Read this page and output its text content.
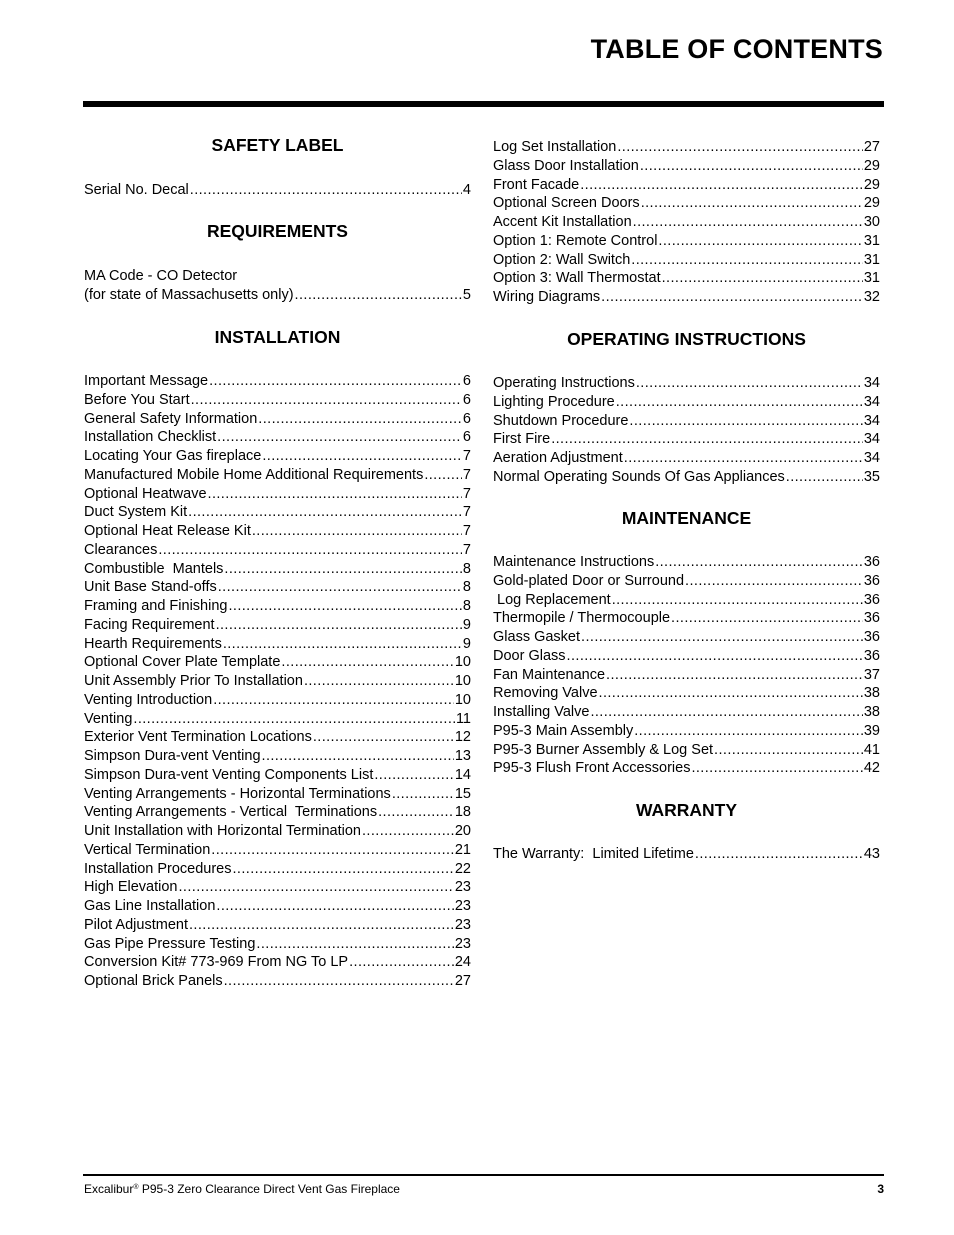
TABLE OF CONTENTS
SAFETY LABEL
Serial No. Decal .....	4
REQUIREMENTS
MA Code - CO Detector
(for state of Massachusetts only) .....	5
INSTALLATION
Important Message .....	6
Before You Start .....	6
General Safety Information .....	6
Installation Checklist .....	6
Locating Your Gas fireplace .....	7
Manufactured Mobile Home Additional Requirements .....	7
Optional Heatwave .....	7
Duct System Kit .....	7
Optional Heat Release Kit .....	7
Clearances .....	7
Combustible  Mantels .....	8
Unit Base Stand-offs .....	8
Framing and Finishing .....	8
Facing Requirement .....	9
Hearth Requirements .....	9
Optional Cover Plate Template .....	10
Unit Assembly Prior To Installation .....	10
Venting Introduction .....	10
Venting .....	11
Exterior Vent Termination Locations .....	12
Simpson Dura-vent Venting .....	13
Simpson Dura-vent Venting Components List .....	14
Venting Arrangements - Horizontal Terminations .....	15
Venting Arrangements - Vertical  Terminations .....	18
Unit Installation with Horizontal Termination .....	20
Vertical Termination .....	21
Installation Procedures .....	22
High Elevation .....	23
Gas Line Installation .....	23
Pilot Adjustment .....	23
Gas Pipe Pressure Testing .....	23
Conversion Kit# 773-969 From NG To LP .....	24
Optional Brick Panels .....	27
Log Set Installation .....	27
Glass Door Installation .....	29
Front Facade .....	29
Optional Screen Doors .....	29
Accent Kit Installation .....	30
Option 1: Remote Control .....	31
Option 2: Wall Switch .....	31
Option 3: Wall Thermostat .....	31
Wiring Diagrams .....	32
OPERATING INSTRUCTIONS
Operating Instructions .....	34
Lighting Procedure .....	34
Shutdown Procedure .....	34
First Fire .....	34
Aeration Adjustment .....	34
Normal Operating Sounds Of Gas Appliances .....	35
MAINTENANCE
Maintenance Instructions .....	36
Gold-plated Door or Surround .....	36
Log Replacement .....	36
Thermopile / Thermocouple .....	36
Glass Gasket .....	36
Door Glass .....	36
Fan Maintenance .....	37
Removing Valve .....	38
Installing Valve .....	38
P95-3 Main Assembly .....	39
P95-3 Burner Assembly & Log Set .....	41
P95-3 Flush Front Accessories .....	42
WARRANTY
The Warranty:  Limited Lifetime .....	43
Excalibur® P95-3 Zero Clearance Direct Vent Gas Fireplace	3
